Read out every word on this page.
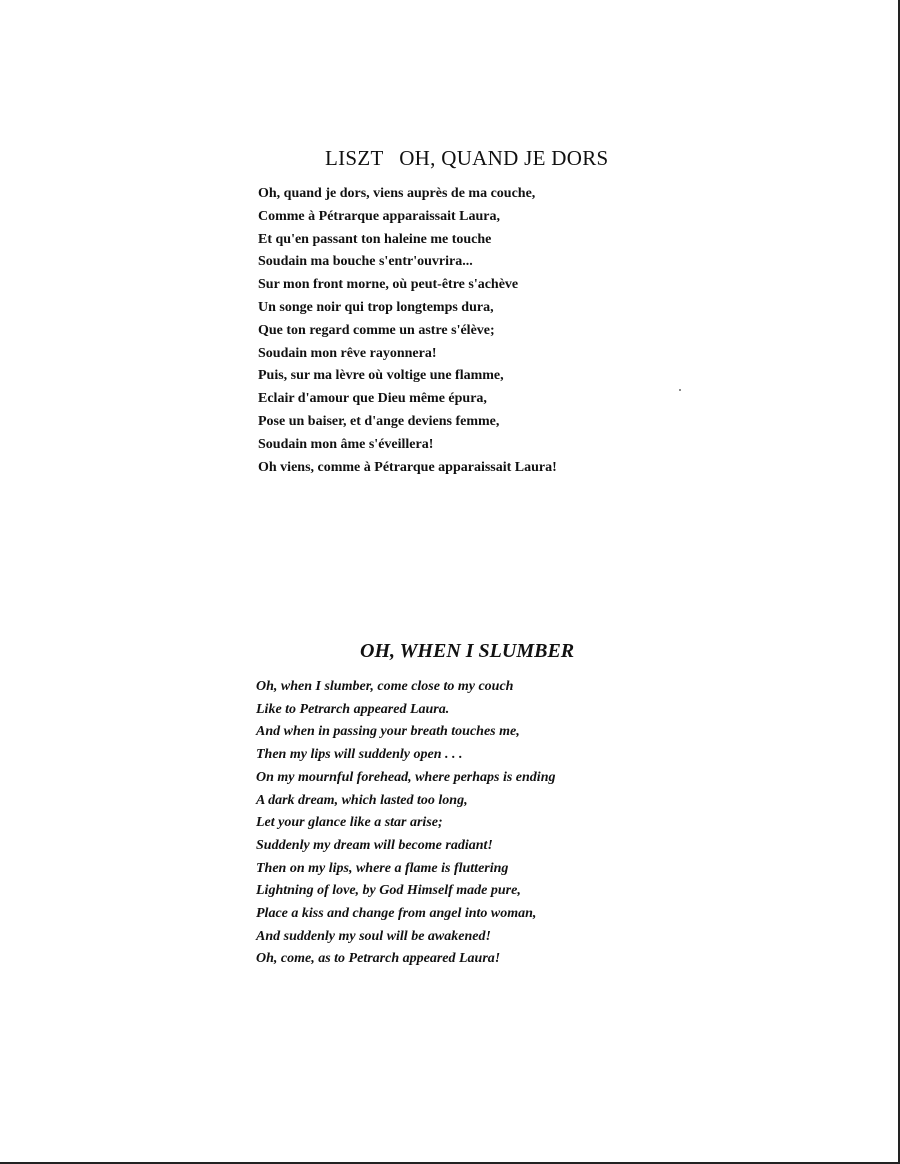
LISZT OH, QUAND JE DORS
Oh, quand je dors, viens auprès de ma couche,
Comme à Pétrarque apparaissait Laura,
Et qu'en passant ton haleine me touche
Soudain ma bouche s'entr'ouvrira...
Sur mon front morne, où peut-être s'achève
Un songe noir qui trop longtemps dura,
Que ton regard comme un astre s'élève;
Soudain mon rêve rayonnera!
Puis, sur ma lèvre où voltige une flamme,
Eclair d'amour que Dieu même épura,
Pose un baiser, et d'ange deviens femme,
Soudain mon âme s'éveillera!
Oh viens, comme à Pétrarque apparaissait Laura!
OH, WHEN I SLUMBER
Oh, when I slumber, come close to my couch
Like to Petrarch appeared Laura.
And when in passing your breath touches me,
Then my lips will suddenly open . . .
On my mournful forehead, where perhaps is ending
A dark dream, which lasted too long,
Let your glance like a star arise;
Suddenly my dream will become radiant!
Then on my lips, where a flame is fluttering
Lightning of love, by God Himself made pure,
Place a kiss and change from angel into woman,
And suddenly my soul will be awakened!
Oh, come, as to Petrarch appeared Laura!
